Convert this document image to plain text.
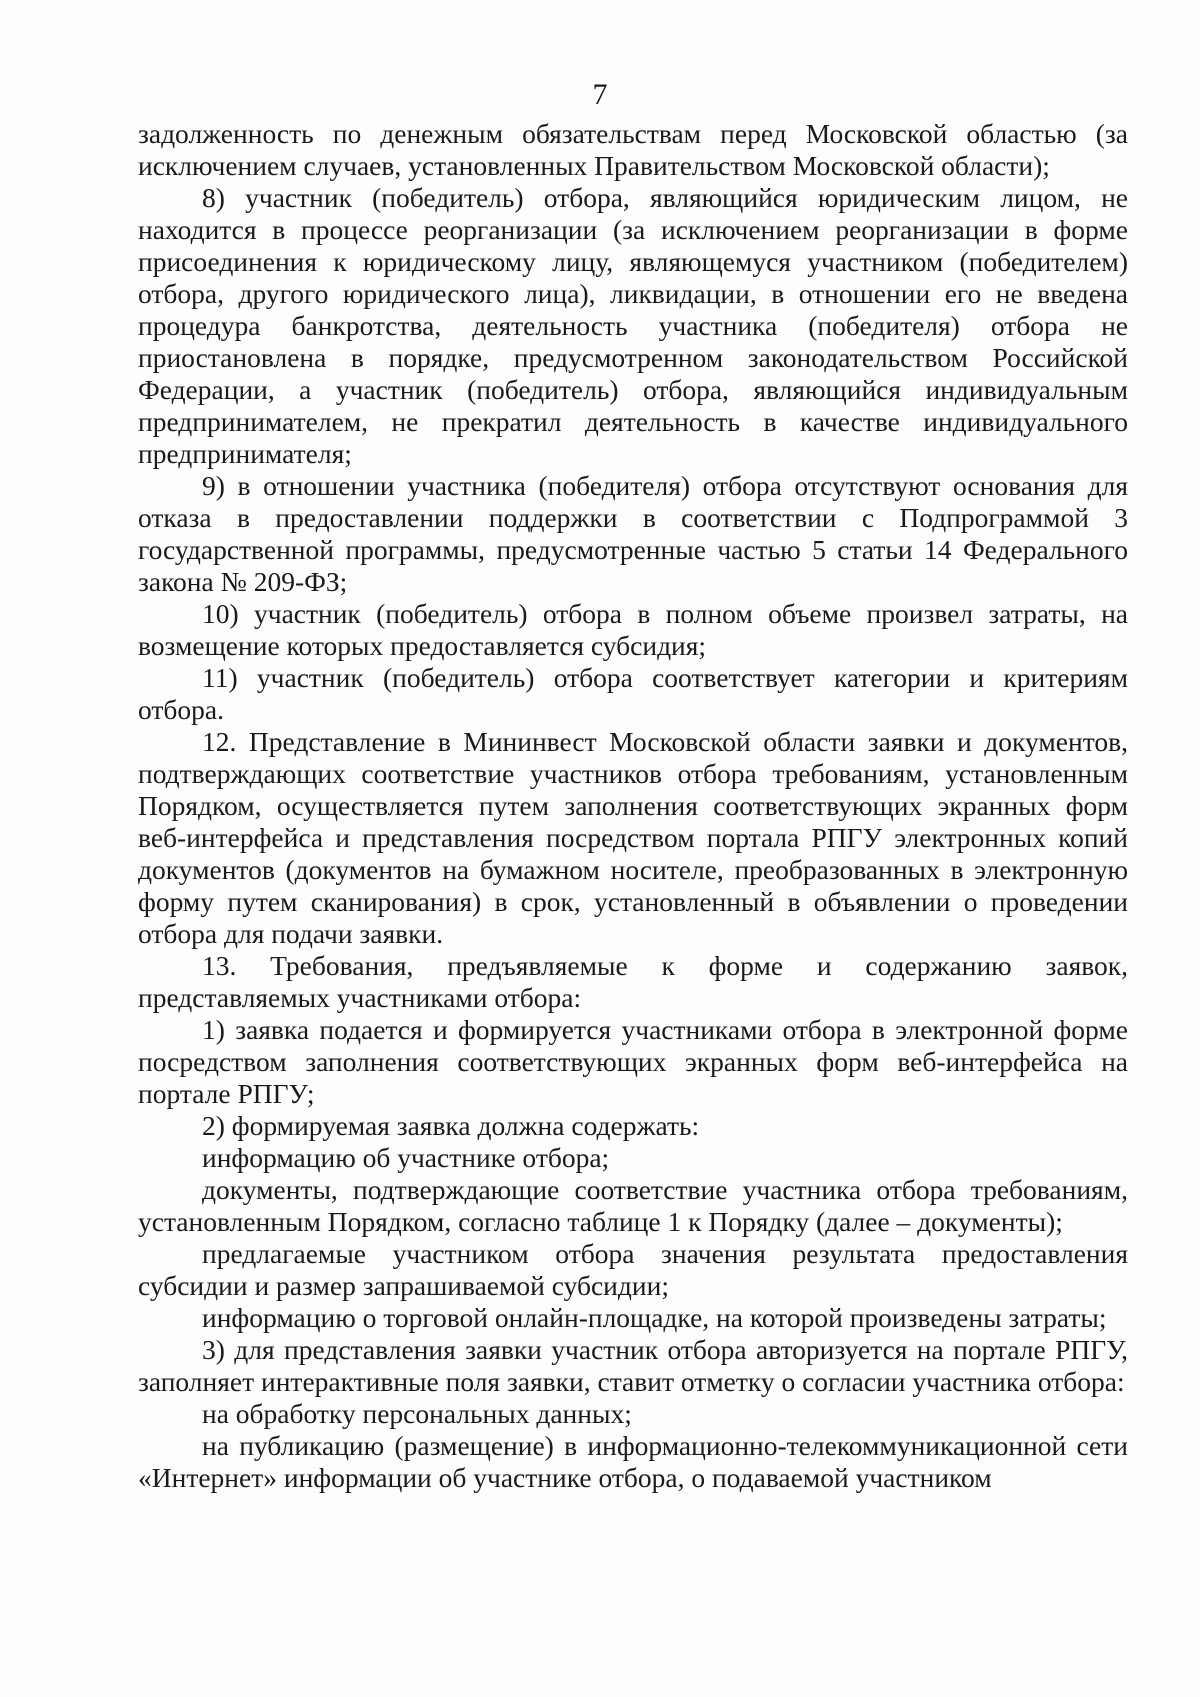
7

задолженность по денежным обязательствам перед Московской областью (за исключением случаев, установленных Правительством Московской области);

8) участник (победитель) отбора, являющийся юридическим лицом, не находится в процессе реорганизации (за исключением реорганизации в форме присоединения к юридическому лицу, являющемуся участником (победителем) отбора, другого юридического лица), ликвидации, в отношении его не введена процедура банкротства, деятельность участника (победителя) отбора не приостановлена в порядке, предусмотренном законодательством Российской Федерации, а участник (победитель) отбора, являющийся индивидуальным предпринимателем, не прекратил деятельность в качестве индивидуального предпринимателя;

9) в отношении участника (победителя) отбора отсутствуют основания для отказа в предоставлении поддержки в соответствии с Подпрограммой 3 государственной программы, предусмотренные частью 5 статьи 14 Федерального закона № 209-ФЗ;

10) участник (победитель) отбора в полном объеме произвел затраты, на возмещение которых предоставляется субсидия;

11) участник (победитель) отбора соответствует категории и критериям отбора.

12. Представление в Мининвест Московской области заявки и документов, подтверждающих соответствие участников отбора требованиям, установленным Порядком, осуществляется путем заполнения соответствующих экранных форм веб-интерфейса и представления посредством портала РПГУ электронных копий документов (документов на бумажном носителе, преобразованных в электронную форму путем сканирования) в срок, установленный в объявлении о проведении отбора для подачи заявки.

13. Требования, предъявляемые к форме и содержанию заявок, представляемых участниками отбора:

1) заявка подается и формируется участниками отбора в электронной форме посредством заполнения соответствующих экранных форм веб-интерфейса на портале РПГУ;

2) формируемая заявка должна содержать:

информацию об участнике отбора;

документы, подтверждающие соответствие участника отбора требованиям, установленным Порядком, согласно таблице 1 к Порядку (далее – документы);

предлагаемые участником отбора значения результата предоставления субсидии и размер запрашиваемой субсидии;

информацию о торговой онлайн-площадке, на которой произведены затраты;

3) для представления заявки участник отбора авторизуется на портале РПГУ, заполняет интерактивные поля заявки, ставит отметку о согласии участника отбора:

на обработку персональных данных;

на публикацию (размещение) в информационно-телекоммуникационной сети «Интернет» информации об участнике отбора, о подаваемой участником
